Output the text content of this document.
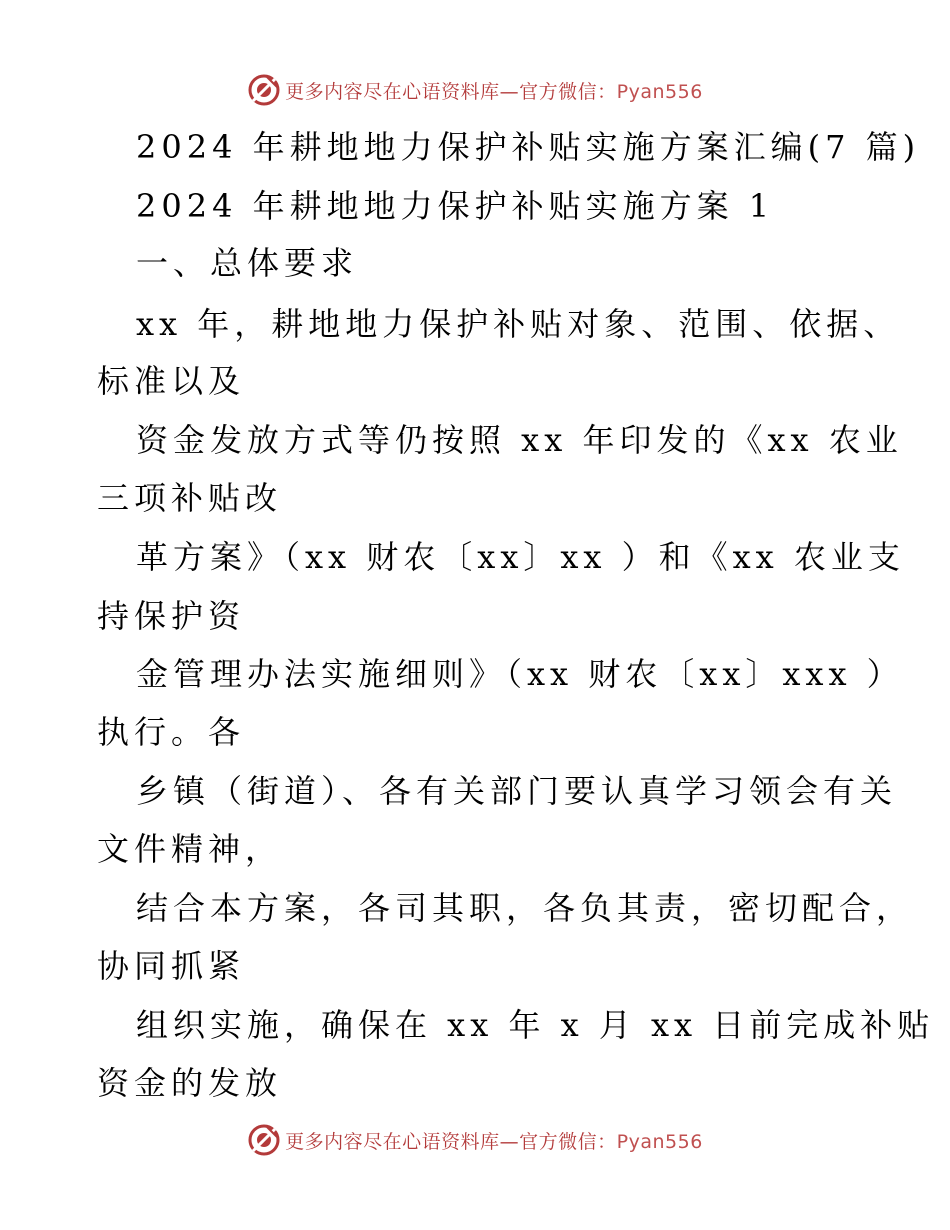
更多内容尽在心语资料库—官方微信：Pyan556
2024 年耕地地力保护补贴实施方案汇编(7 篇)
2024 年耕地地力保护补贴实施方案 1
一、总体要求
xx 年，耕地地力保护补贴对象、范围、依据、
标准以及
资金发放方式等仍按照 xx 年印发的《xx 农业
三项补贴改
革方案》（xx 财农〔xx〕xx ）和《xx 农业支
持保护资
金管理办法实施细则》（xx 财农〔xx〕xxx ）
执行。各
乡镇（街道）、各有关部门要认真学习领会有关
文件精神，
结合本方案，各司其职，各负其责，密切配合，
协同抓紧
组织实施，确保在 xx 年 x 月 xx 日前完成补贴
资金的发放
更多内容尽在心语资料库—官方微信：Pyan556
